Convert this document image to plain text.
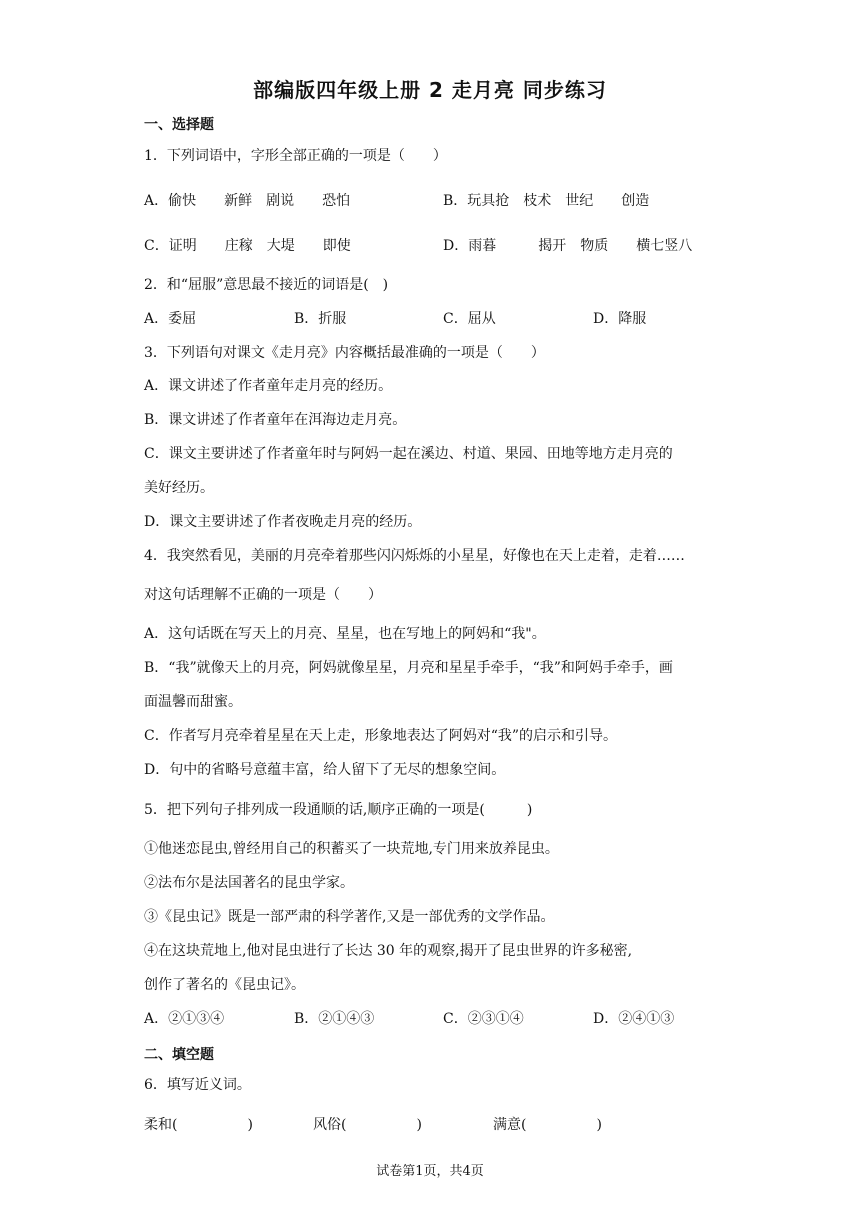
部编版四年级上册 2 走月亮 同步练习
一、选择题
1．下列词语中，字形全部正确的一项是（　　）
A．偷快　　新鲜　剧说　　恐怕	B．玩具抢　枝术　世纪　　创造
C．证明　　庄稼　大堤　　即使	D．雨暮　　　揭开　物质　　横七竖八
2．和“屈服”意思最不接近的词语是(　)
A．委屈	B．折服	C．屈从	D．降服
3．下列语句对课文《走月亮》内容概括最准确的一项是（　　）
A．课文讲述了作者童年走月亮的经历。
B．课文讲述了作者童年在洱海边走月亮。
C．课文主要讲述了作者童年时与阿妈一起在溪边、村道、果园、田地等地方走月亮的
美好经历。
D．课文主要讲述了作者夜晚走月亮的经历。
4．我突然看见，美丽的月亮牵着那些闪闪烁烁的小星星，好像也在天上走着，走着……
对这句话理解不正确的一项是（　　）
A．这句话既在写天上的月亮、星星，也在写地上的阿妈和“我"。
B．“我”就像天上的月亮，阿妈就像星星，月亮和星星手牵手，“我”和阿妈手牵手，画
面温馨而甜蜜。
C．作者写月亮牵着星星在天上走，形象地表达了阿妈对“我”的启示和引导。
D．句中的省略号意蕴丰富，给人留下了无尽的想象空间。
5．把下列句子排列成一段通顺的话,顺序正确的一项是(　　　)
①他迷恋昆虫,曾经用自己的积蓄买了一块荒地,专门用来放养昆虫。
②法布尔是法国著名的昆虫学家。
③《昆虫记》既是一部严肃的科学著作,又是一部优秀的文学作品。
④在这块荒地上,他对昆虫进行了长达 30 年的观察,揭开了昆虫世界的许多秘密,
创作了著名的《昆虫记》。
A．②①③④	B．②①④③	C．②③①④	D．②④①③
二、填空题
6．填写近义词。
柔和(　　　　　)	风俗(　　　　　)	满意(　　　　　)
试卷第1页，共4页
